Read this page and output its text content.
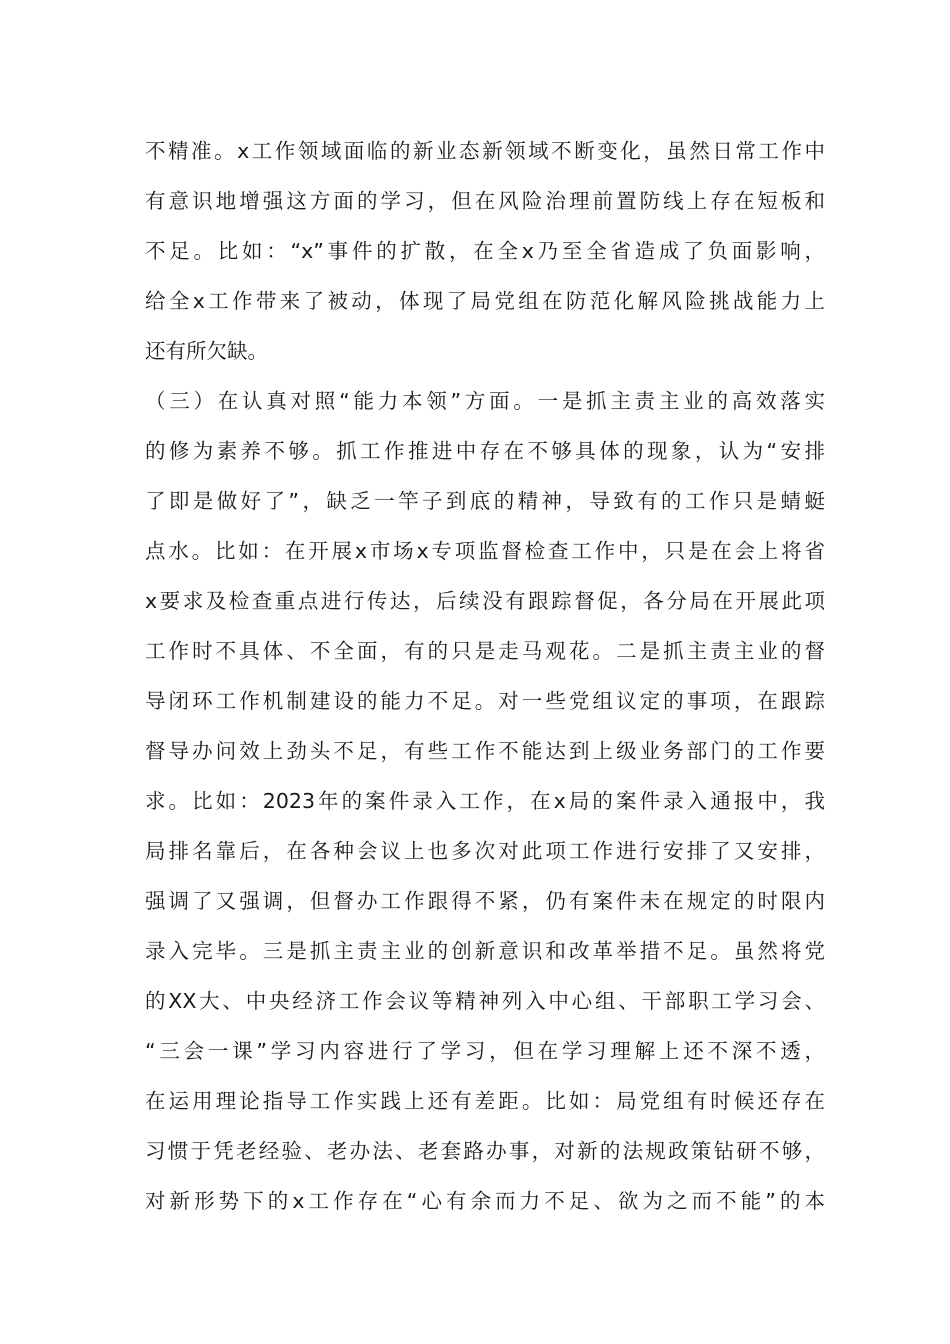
不精准。x工作领域面临的新业态新领域不断变化，虽然日常工作中
有意识地增强这方面的学习，但在风险治理前置防线上存在短板和
不足。比如：“x”事件的扩散，在全x乃至全省造成了负面影响，
给全x工作带来了被动，体现了局党组在防范化解风险挑战能力上
还有所欠缺。
（三）在认真对照“能力本领”方面。一是抓主责主业的高效落实
的修为素养不够。抓工作推进中存在不够具体的现象，认为“安排
了即是做好了”，缺乏一竿子到底的精神，导致有的工作只是蜻蜓
点水。比如：在开展x市场x专项监督检查工作中，只是在会上将省
x要求及检查重点进行传达，后续没有跟踪督促，各分局在开展此项
工作时不具体、不全面，有的只是走马观花。二是抓主责主业的督
导闭环工作机制建设的能力不足。对一些党组议定的事项，在跟踪
督导办问效上劲头不足，有些工作不能达到上级业务部门的工作要
求。比如：2023年的案件录入工作，在x局的案件录入通报中，我
局排名靠后，在各种会议上也多次对此项工作进行安排了又安排，
强调了又强调，但督办工作跟得不紧，仍有案件未在规定的时限内
录入完毕。三是抓主责主业的创新意识和改革举措不足。虽然将党
的XX大、中央经济工作会议等精神列入中心组、干部职工学习会、
“三会一课”学习内容进行了学习，但在学习理解上还不深不透，
在运用理论指导工作实践上还有差距。比如：局党组有时候还存在
习惯于凭老经验、老办法、老套路办事，对新的法规政策钻研不够，
对新形势下的x工作存在“心有余而力不足、欲为之而不能”的本
